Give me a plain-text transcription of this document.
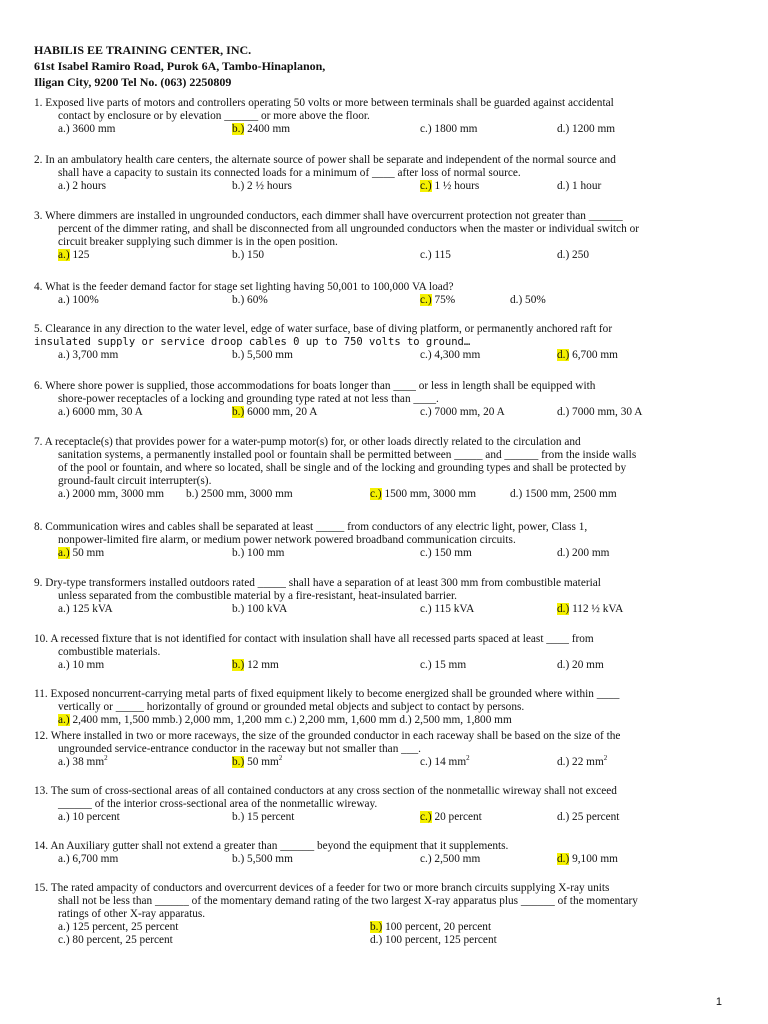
HABILIS EE TRAINING CENTER, INC.
61st Isabel Ramiro Road, Purok 6A, Tambo-Hinaplanon,
Iligan City, 9200 Tel No. (063) 2250809
1. Exposed live parts of motors and controllers operating 50 volts or more between terminals shall be guarded against accidental
contact by enclosure or by elevation ______ or more above the floor.
a.) 3600 mm	b.) 2400 mm	c.) 1800 mm	d.) 1200 mm
2. In an ambulatory health care centers, the alternate source of power shall be separate and independent of the normal source and
shall have a capacity to sustain its connected loads for a minimum of ____ after loss of normal source.
a.) 2 hours	b.) 2 ½ hours	c.) 1 ½ hours	d.) 1 hour
3. Where dimmers are installed in ungrounded conductors, each dimmer shall have overcurrent protection not greater than ______
percent of the dimmer rating, and shall be disconnected from all ungrounded conductors when the master or individual switch or
circuit breaker supplying such dimmer is in the open position.
a.) 125	b.) 150	c.) 115	d.) 250
4. What is the feeder demand factor for stage set lighting having 50,001 to 100,000 VA load?
a.) 100%	b.) 60%	c.) 75%	d.) 50%
5. Clearance in any direction to the water level, edge of water surface, base of diving platform, or permanently anchored raft for
insulated supply or service droop cables 0 up to 750 volts to ground…
a.) 3,700 mm	b.) 5,500 mm	c.) 4,300 mm	d.) 6,700 mm
6. Where shore power is supplied, those accommodations for boats longer than ____ or less in length shall be equipped with
shore-power receptacles of a locking and grounding type rated at not less than ____.
a.) 6000 mm, 30 A	b.) 6000 mm, 20 A	c.) 7000 mm, 20 A	d.) 7000 mm, 30 A
7. A receptacle(s) that provides power for a water-pump motor(s) for, or other loads directly related to the circulation and
sanitation systems, a permanently installed pool or fountain shall be permitted between _____ and ______ from the inside walls
of the pool or fountain, and where so located, shall be single and of the locking and grounding types and shall be protected by
ground-fault circuit interrupter(s).
a.) 2000 mm, 3000 mm b.) 2500 mm, 3000 mm	c.) 1500 mm, 3000 mm	d.) 1500 mm, 2500 mm
8. Communication wires and cables shall be separated at least _____ from conductors of any electric light, power, Class 1,
nonpower-limited fire alarm, or medium power network powered broadband communication circuits.
a.) 50 mm	b.) 100 mm	c.) 150 mm	d.) 200 mm
9. Dry-type transformers installed outdoors rated _____ shall have a separation of at least 300 mm from combustible material
unless separated from the combustible material by a fire-resistant, heat-insulated barrier.
a.) 125 kVA	b.) 100 kVA	c.) 115 kVA	d.) 112 ½ kVA
10. A recessed fixture that is not identified for contact with insulation shall have all recessed parts spaced at least ____ from
combustible materials.
a.) 10 mm	b.) 12 mm	c.) 15 mm	d.) 20 mm
11. Exposed noncurrent-carrying metal parts of fixed equipment likely to become energized shall be grounded where within ____
vertically or _____ horizontally of ground or grounded metal objects and subject to contact by persons.
a.) 2,400 mm, 1,500 mmb.) 2,000 mm, 1,200 mm c.) 2,200 mm, 1,600 mm d.) 2,500 mm, 1,800 mm
12. Where installed in two or more raceways, the size of the grounded conductor in each raceway shall be based on the size of the
ungrounded service-entrance conductor in the raceway but not smaller than ___.
a.) 38 $mm^2$	b.) 50 $mm^2$	c.) 14 $mm^2$	d.) 22 $mm^2$
13. The sum of cross-sectional areas of all contained conductors at any cross section of the nonmetallic wireway shall not exceed
______ of the interior cross-sectional area of the nonmetallic wireway.
a.) 10 percent	b.) 15 percent	c.) 20 percent	d.) 25 percent
14. An Auxiliary gutter shall not extend a greater than ______ beyond the equipment that it supplements.
a.) 6,700 mm	b.) 5,500 mm	c.) 2,500 mm	d.) 9,100 mm
15. The rated ampacity of conductors and overcurrent devices of a feeder for two or more branch circuits supplying X-ray units
shall not be less than ______ of the momentary demand rating of the two largest X-ray apparatus plus ______ of the momentary
ratings of other X-ray apparatus.
a.) 125 percent, 25 percent	b.) 100 percent, 20 percent
c.) 80 percent, 25 percent	d.) 100 percent, 125 percent
1
